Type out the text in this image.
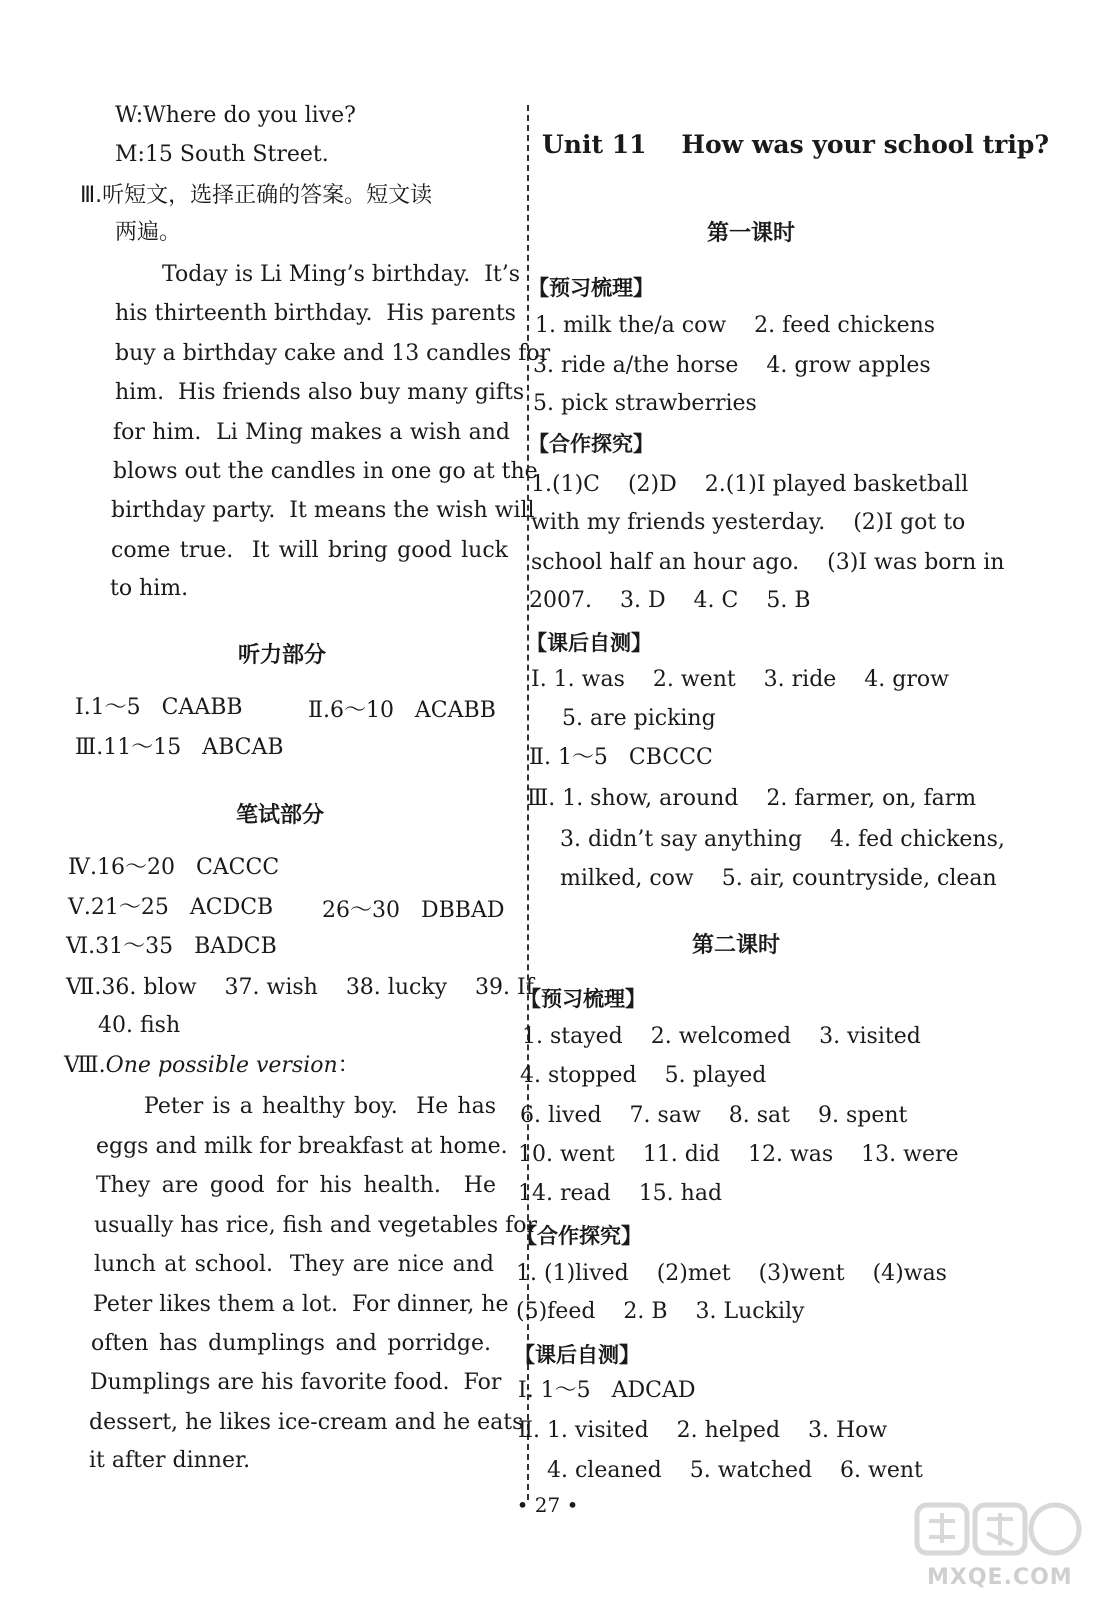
W:Where do you live?
M:15 South Street.
Ⅲ.听短文，选择正确的答案。短文读
两遍。
Today is Li Ming’s birthday.  It’s
his thirteenth birthday.  His parents
buy a birthday cake and 13 candles for
him.  His friends also buy many gifts
for him.  Li Ming makes a wish and
blows out the candles in one go at the
birthday party.  It means the wish will
come true.  It will bring good luck
to him.
听力部分
Ⅰ.1～5   CAABB	Ⅱ.6～10   ACABB
Ⅲ.11～15   ABCAB
笔试部分
Ⅳ.16～20   CACCC
Ⅴ.21～25   ACDCB 26～30   DBBAD
Ⅵ.31～35   BADCB
Ⅶ.36. blow    37. wish    38. lucky    39. If
40. fish
Ⅷ.One possible version：
Peter is a healthy boy.  He has
eggs and milk for breakfast at home.
They are good for his health.  He
usually has rice, fish and vegetables for
lunch at school.  They are nice and
Peter likes them a lot.  For dinner, he
often has dumplings and porridge.
Dumplings are his favorite food.  For
dessert, he likes ice-cream and he eats
it after dinner.
Unit 11    How was your school trip?
第一课时
【预习梳理】
1. milk the/a cow    2. feed chickens
3. ride a/the horse    4. grow apples
5. pick strawberries
【合作探究】
1.(1)C    (2)D    2.(1)I played basketball
with my friends yesterday.    (2)I got to
school half an hour ago.    (3)I was born in
2007.    3. D    4. C    5. B
【课后自测】
Ⅰ. 1. was    2. went    3. ride    4. grow
5. are picking
Ⅱ. 1～5   CBCCC
Ⅲ. 1. show, around    2. farmer, on, farm
3. didn’t say anything    4. fed chickens,
milked, cow    5. air, countryside, clean
第二课时
【预习梳理】
1. stayed    2. welcomed    3. visited
4. stopped    5. played
6. lived    7. saw    8. sat    9. spent
10. went    11. did    12. was    13. were
14. read    15. had
【合作探究】
1. (1)lived    (2)met    (3)went    (4)was
(5)feed    2. B    3. Luckily
【课后自测】
Ⅰ. 1～5   ADCAD
Ⅱ. 1. visited    2. helped    3. How
4. cleaned    5. watched    6. went
• 27 •
MXQE.COM
